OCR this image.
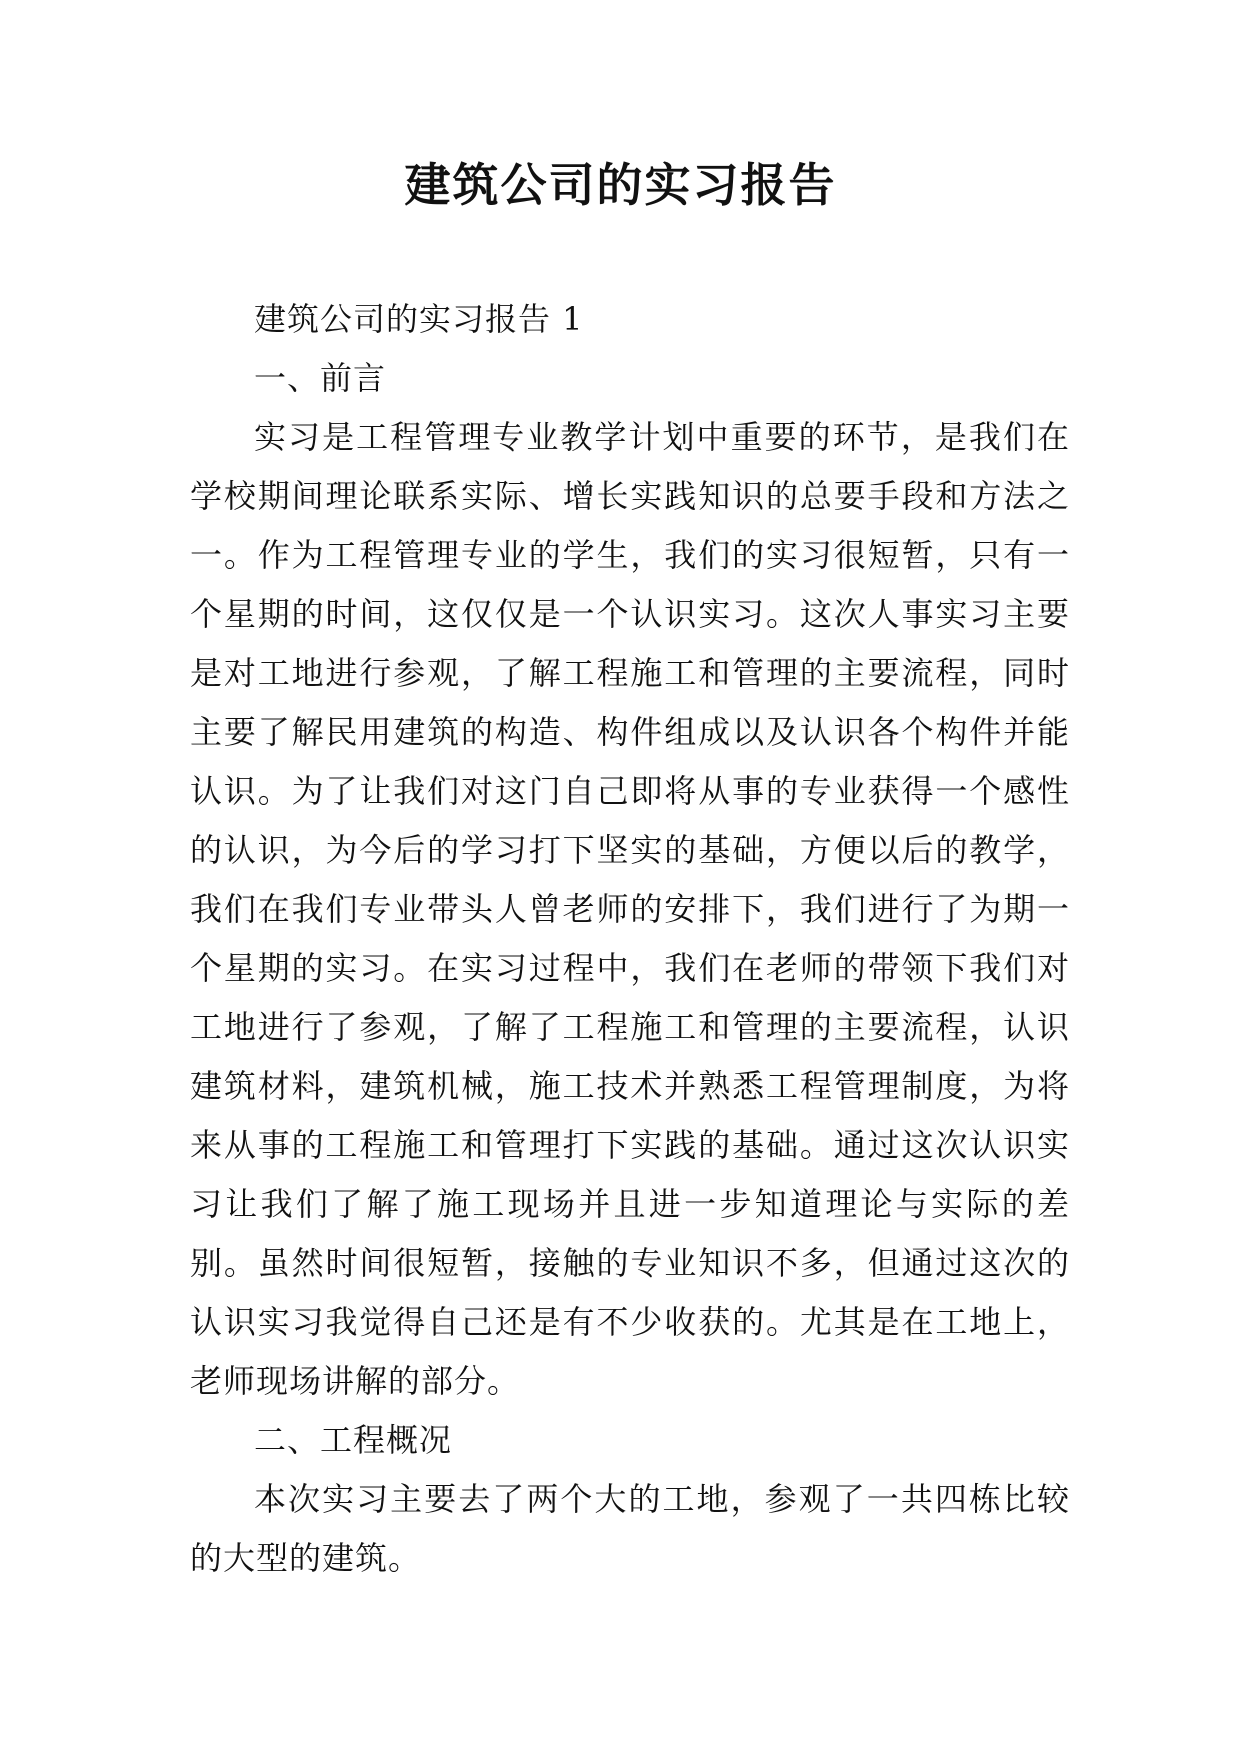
建筑公司的实习报告

建筑公司的实习报告 1

一、前言

实习是工程管理专业教学计划中重要的环节，是我们在学校期间理论联系实际、增长实践知识的总要手段和方法之一。作为工程管理专业的学生，我们的实习很短暂，只有一个星期的时间，这仅仅是一个认识实习。这次人事实习主要是对工地进行参观，了解工程施工和管理的主要流程，同时主要了解民用建筑的构造、构件组成以及认识各个构件并能认识。为了让我们对这门自己即将从事的专业获得一个感性的认识，为今后的学习打下坚实的基础，方便以后的教学，我们在我们专业带头人曾老师的安排下，我们进行了为期一个星期的实习。在实习过程中，我们在老师的带领下我们对工地进行了参观，了解了工程施工和管理的主要流程，认识建筑材料，建筑机械，施工技术并熟悉工程管理制度，为将来从事的工程施工和管理打下实践的基础。通过这次认识实习让我们了解了施工现场并且进一步知道理论与实际的差别。虽然时间很短暂，接触的专业知识不多，但通过这次的认识实习我觉得自己还是有不少收获的。尤其是在工地上，老师现场讲解的部分。

二、工程概况

本次实习主要去了两个大的工地，参观了一共四栋比较的大型的建筑。
